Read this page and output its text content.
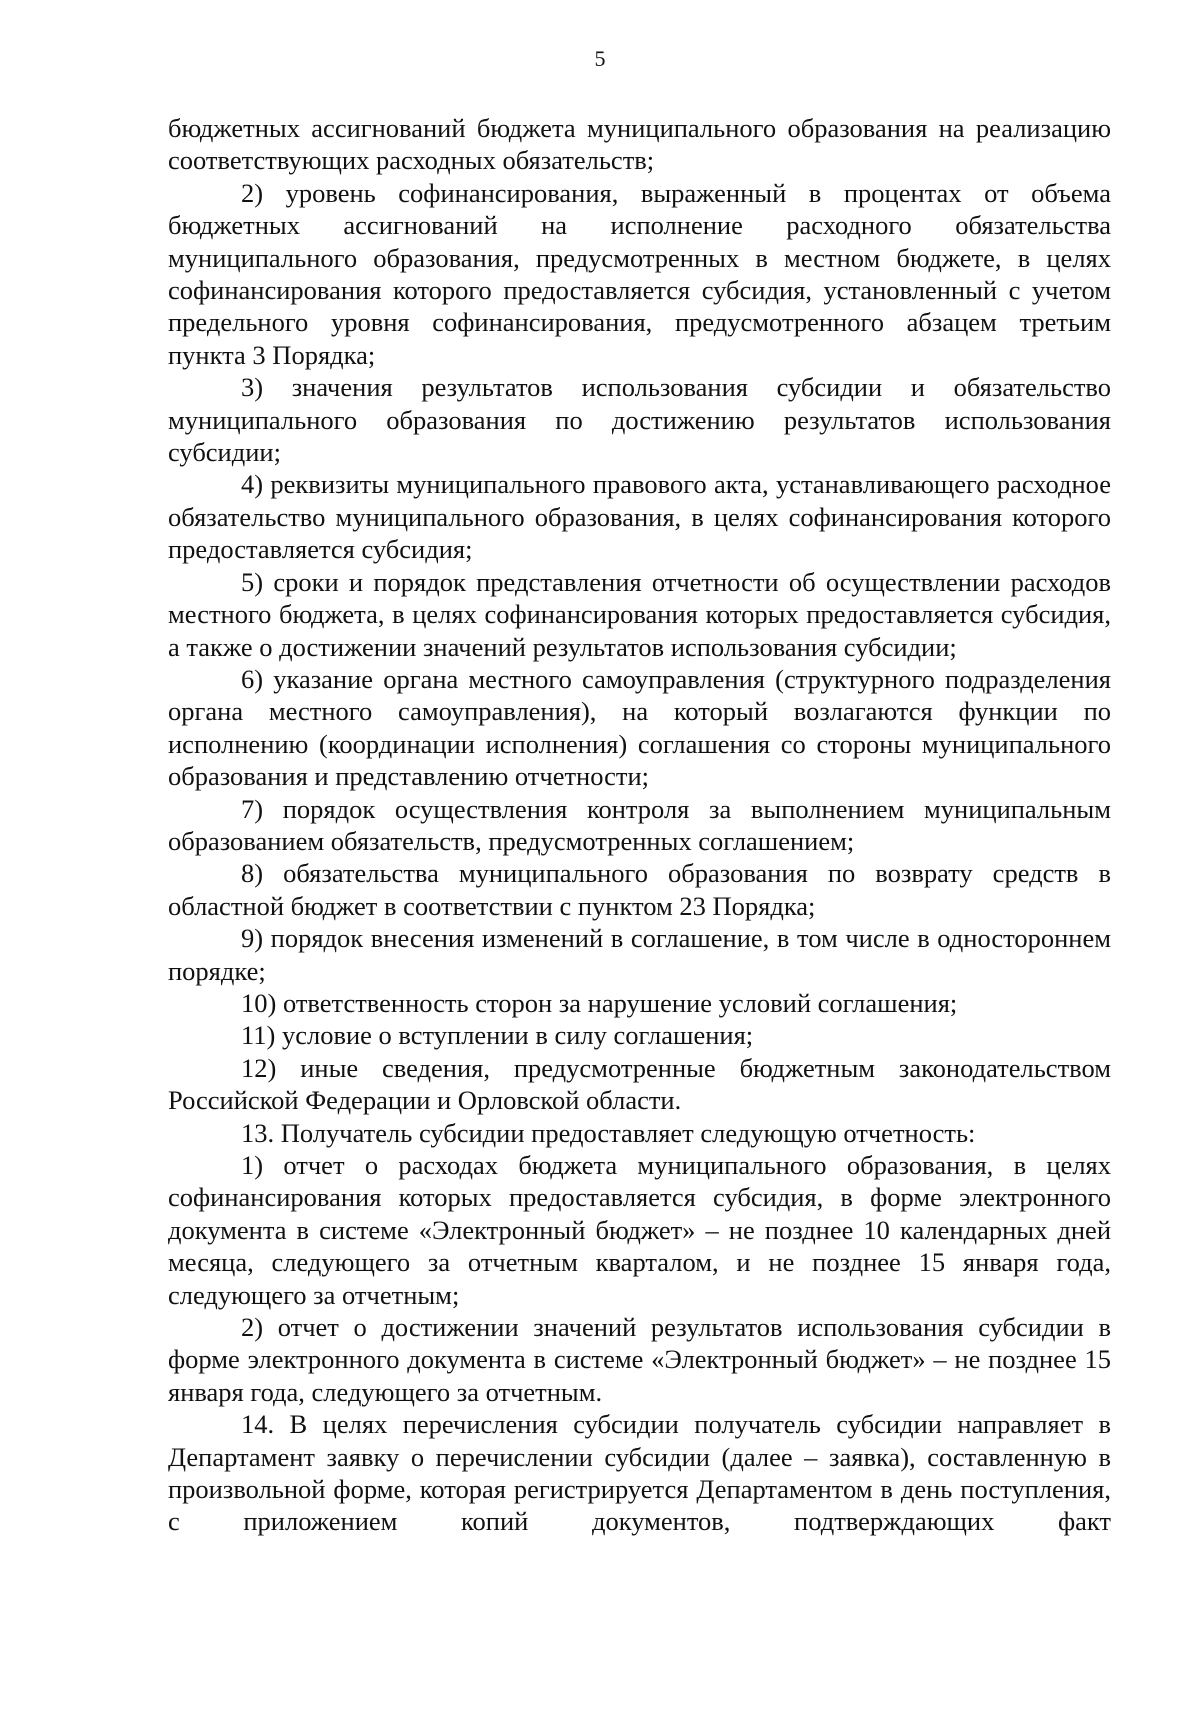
5

бюджетных ассигнований бюджета муниципального образования на реализацию соответствующих расходных обязательств;

2) уровень софинансирования, выраженный в процентах от объема бюджетных ассигнований на исполнение расходного обязательства муниципального образования, предусмотренных в местном бюджете, в целях софинансирования которого предоставляется субсидия, установленный с учетом предельного уровня софинансирования, предусмотренного абзацем третьим пункта 3 Порядка;

3) значения результатов использования субсидии и обязательство муниципального образования по достижению результатов использования субсидии;

4) реквизиты муниципального правового акта, устанавливающего расходное обязательство муниципального образования, в целях софинансирования которого предоставляется субсидия;

5) сроки и порядок представления отчетности об осуществлении расходов местного бюджета, в целях софинансирования которых предоставляется субсидия, а также о достижении значений результатов использования субсидии;

6) указание органа местного самоуправления (структурного подразделения органа местного самоуправления), на который возлагаются функции по исполнению (координации исполнения) соглашения со стороны муниципального образования и представлению отчетности;

7) порядок осуществления контроля за выполнением муниципальным образованием обязательств, предусмотренных соглашением;

8) обязательства муниципального образования по возврату средств в областной бюджет в соответствии с пунктом 23 Порядка;

9) порядок внесения изменений в соглашение, в том числе в одностороннем порядке;

10) ответственность сторон за нарушение условий соглашения;

11) условие о вступлении в силу соглашения;

12) иные сведения, предусмотренные бюджетным законодательством Российской Федерации и Орловской области.

13. Получатель субсидии предоставляет следующую отчетность:

1) отчет о расходах бюджета муниципального образования, в целях софинансирования которых предоставляется субсидия, в форме электронного документа в системе «Электронный бюджет» – не позднее 10 календарных дней месяца, следующего за отчетным кварталом, и не позднее 15 января года, следующего за отчетным;

2) отчет о достижении значений результатов использования субсидии в форме электронного документа в системе «Электронный бюджет» – не позднее 15 января года, следующего за отчетным.

14. В целях перечисления субсидии получатель субсидии направляет в Департамент заявку о перечислении субсидии (далее – заявка), составленную в произвольной форме, которая регистрируется Департаментом в день поступления, с приложением копий документов, подтверждающих факт
